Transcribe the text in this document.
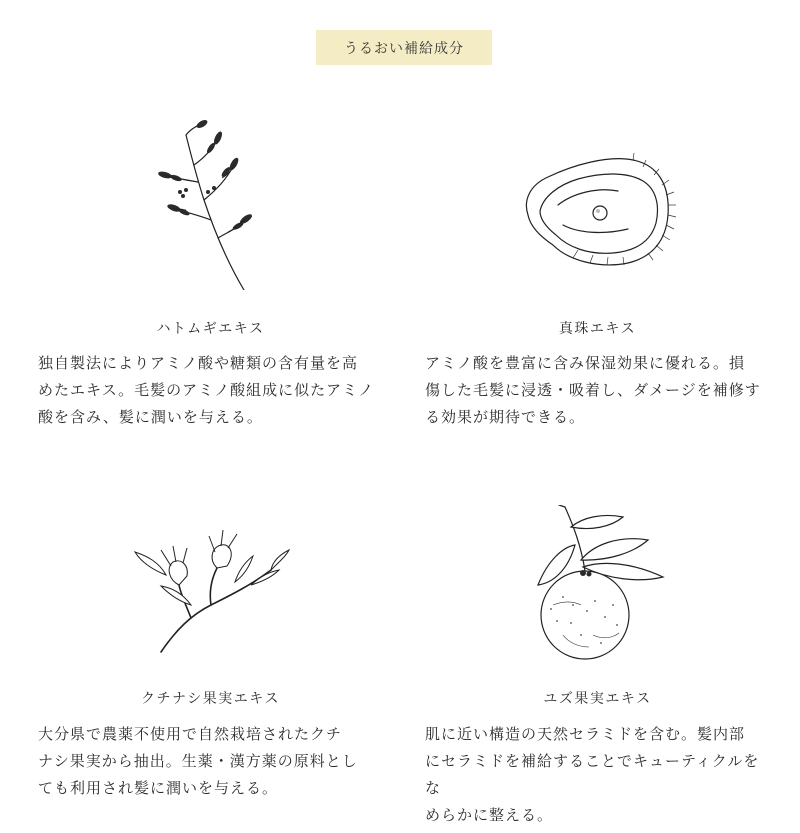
うるおい補給成分
ハトムギエキス
独自製法によりアミノ酸や糖類の含有量を高
めたエキス。毛髪のアミノ酸組成に似たアミノ
酸を含み、髪に潤いを与える。
真珠エキス
アミノ酸を豊富に含み保湿効果に優れる。損
傷した毛髪に浸透・吸着し、ダメージを補修す
る効果が期待できる。
クチナシ果実エキス
大分県で農薬不使用で自然栽培されたクチ
ナシ果実から抽出。生薬・漢方薬の原料とし
ても利用され髪に潤いを与える。
ユズ果実エキス
肌に近い構造の天然セラミドを含む。髪内部
にセラミドを補給することでキューティクルをな
めらかに整える。
